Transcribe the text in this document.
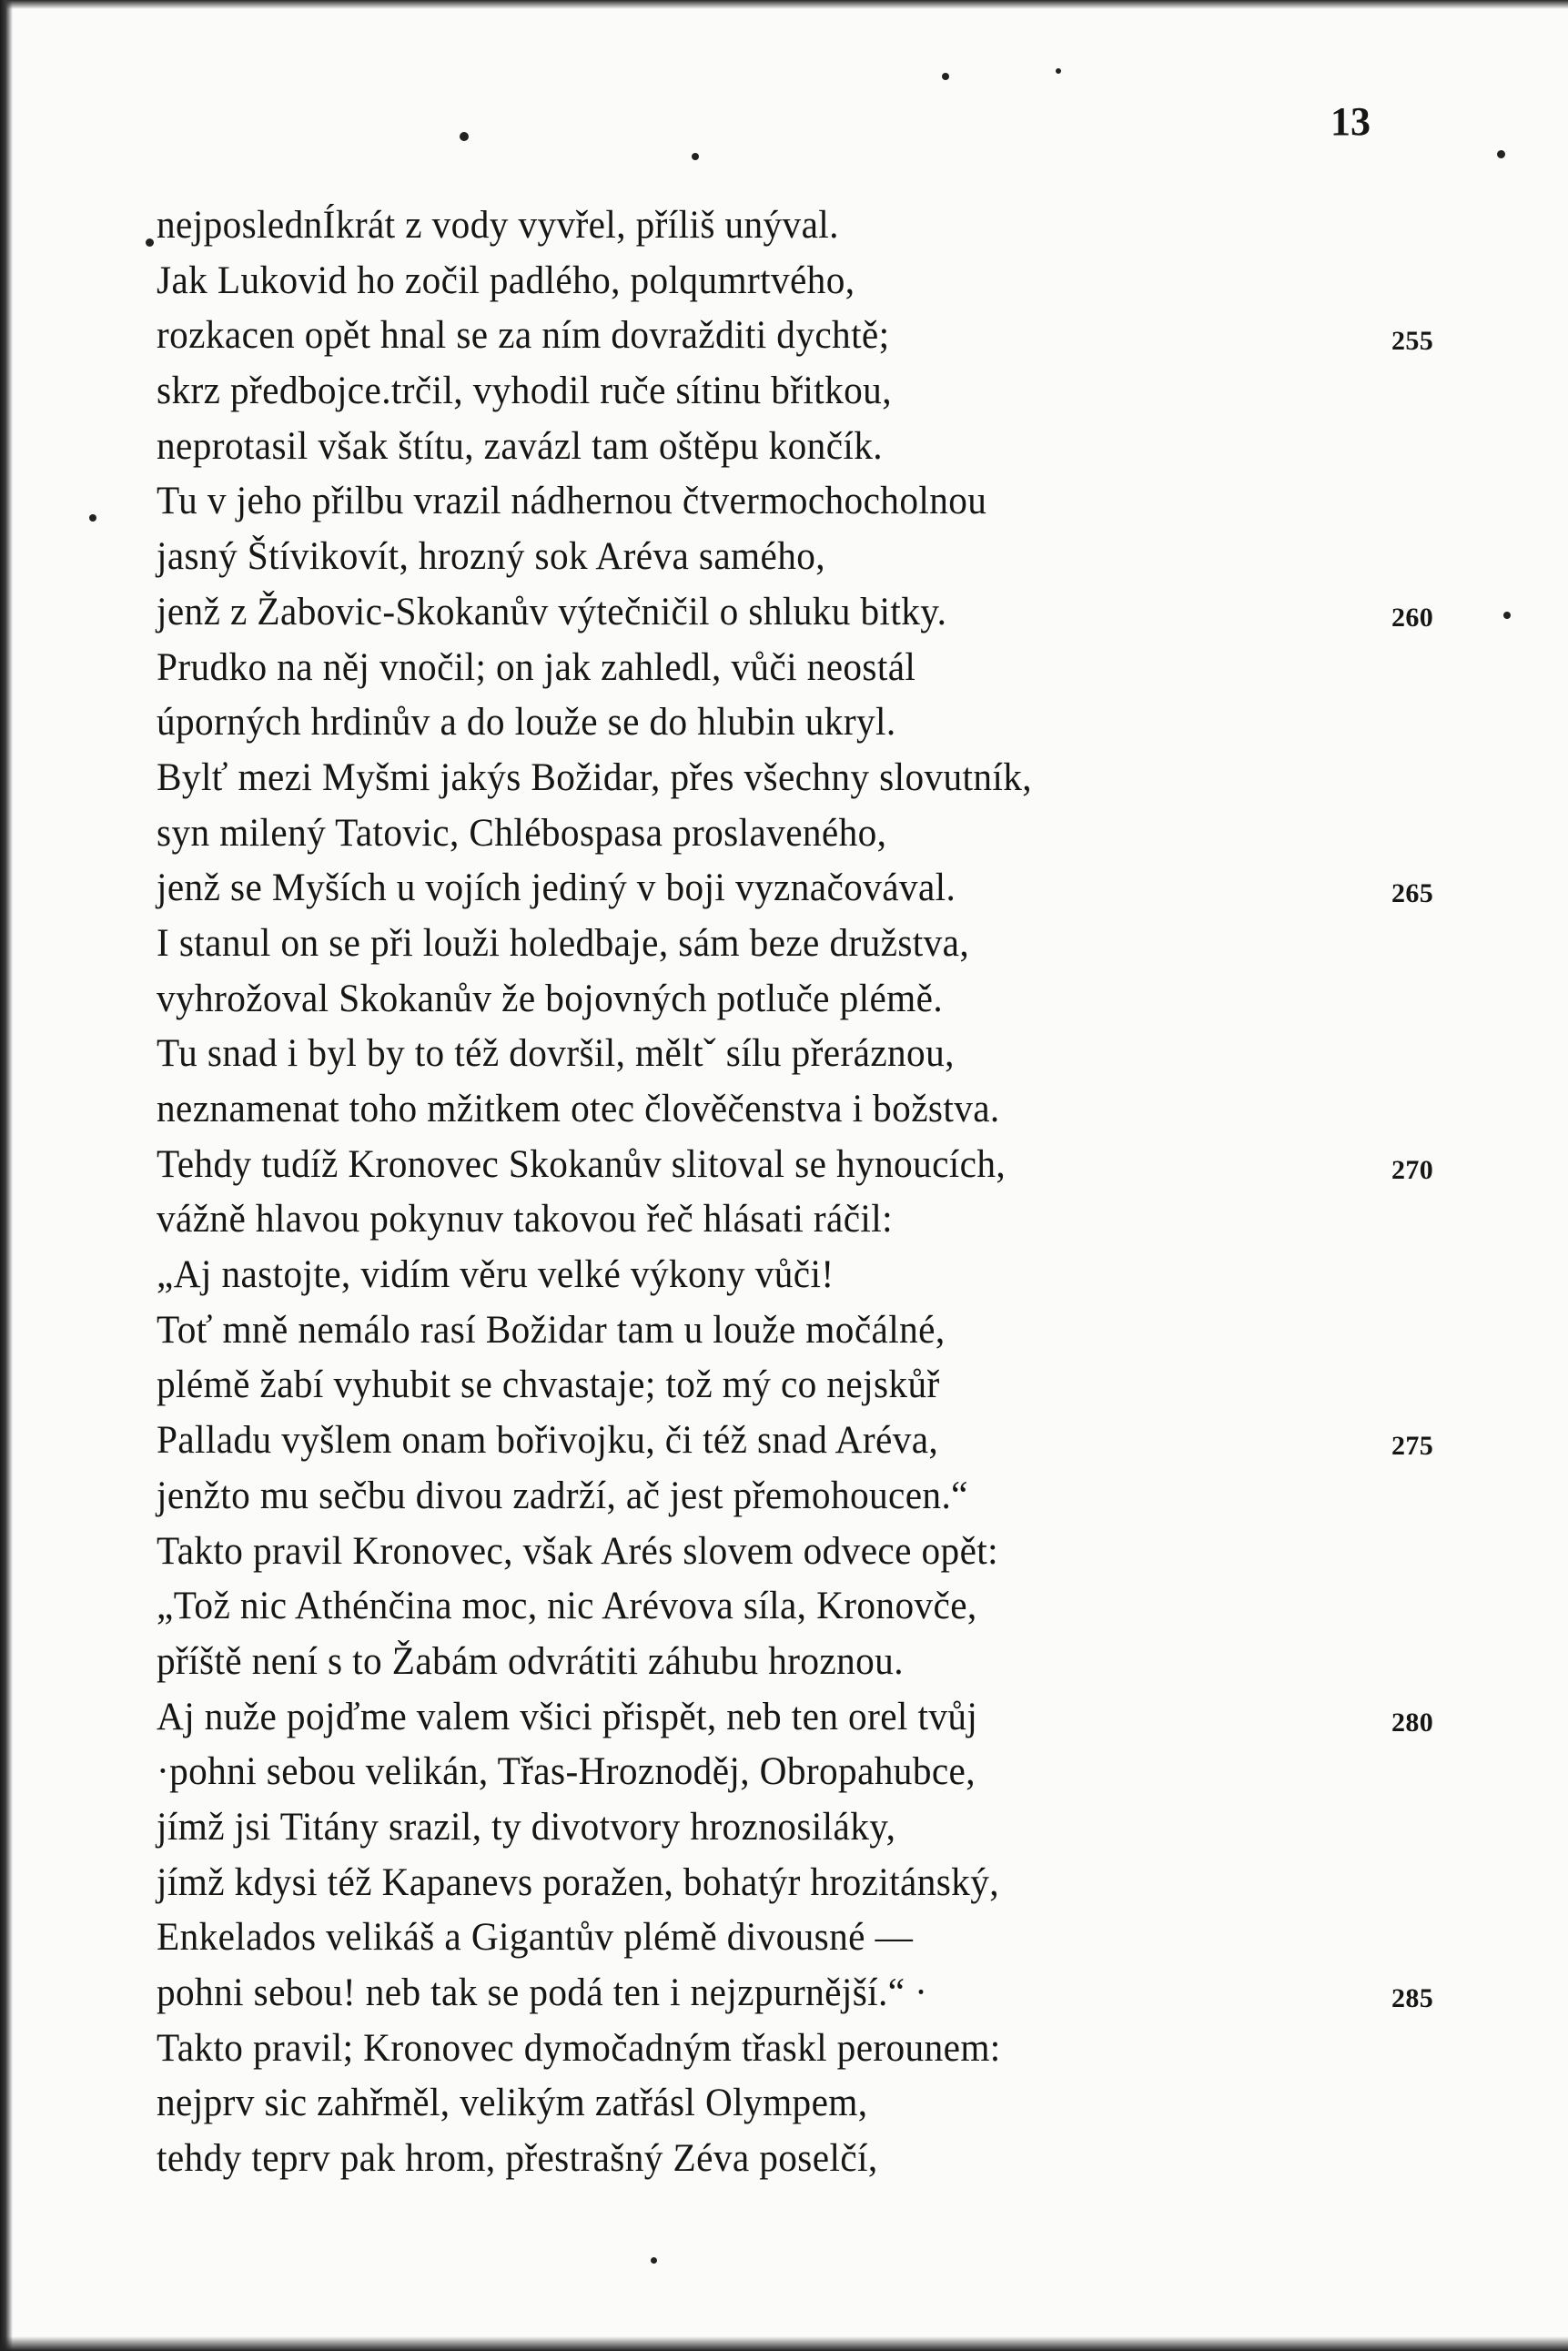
13
nejposlednÍkrát z vody vyvřel, příliš unýval.
Jak Lukovid ho zočil padlého, polqumrtvého,
rozkacen opět hnal se za ním dovražditi dychtě;	255
skrz předbojce.trčil, vyhodil ruče sítinu břitkou,
neprotasil však štítu, zavázl tam oštěpu končík.
Tu v jeho přilbu vrazil nádhernou čtvermochocholnou
jasný Štívikovít, hrozný sok Aréva samého,
jenž z Žabovic-Skokanův výtečničil o shluku bitky.	260
Prudko na něj vnočil; on jak zahledl, vůči neostál
úporných hrdinův a do louže se do hlubin ukryl.
Bylť mezi Myšmi jakýs Božidar, přes všechny slovutník,
syn milený Tatovic, Chlébospasa proslaveného,
jenž se Myších u vojích jediný v boji vyznačovával.	265
I stanul on se při louži holedbaje, sám beze družstva,
vyhrožoval Skokanův že bojovných potluče plémě.
Tu snad i byl by to též dovršil, měltˇ sílu přeráznou,
neznamenat toho mžitkem otec člověčenstva i božstva.
Tehdy tudíž Kronovec Skokanův slitoval se hynoucích,	270
vážně hlavou pokynuv takovou řeč hlásati ráčil:
„Aj nastojte, vidím věru velké výkony vůči!
Toť mně nemálo rasí Božidar tam u louže močálné,
plémě žabí vyhubit se chvastaje; tož mý co nejskůř
Palladu vyšlem onam bořivojku, či též snad Aréva,	275
jenžto mu sečbu divou zadrží, ač jest přemohoucen.“
Takto pravil Kronovec, však Arés slovem odvece opět:
„Tož nic Athénčina moc, nic Arévova síla, Kronovče,
příště není s to Žabám odvrátiti záhubu hroznou.
Aj nuže pojďme valem všici přispět, neb ten orel tvůj	280
·pohni sebou velikán, Třas-Hroznoděj, Obropahubce,
jímž jsi Titány srazil, ty divotvory hroznosiláky,
jímž kdysi též Kapanevs poražen, bohatýr hrozitánský,
Enkelados velikáš a Gigantův plémě divousné —
pohni sebou! neb tak se podá ten i nejzpurnější.“ ·	285
Takto pravil; Kronovec dymočadným třaskl perounem:
nejprv sic zahřměl, velikým zatřásl Olympem,
tehdy teprv pak hrom, přestrašný Zéva poselčí,
